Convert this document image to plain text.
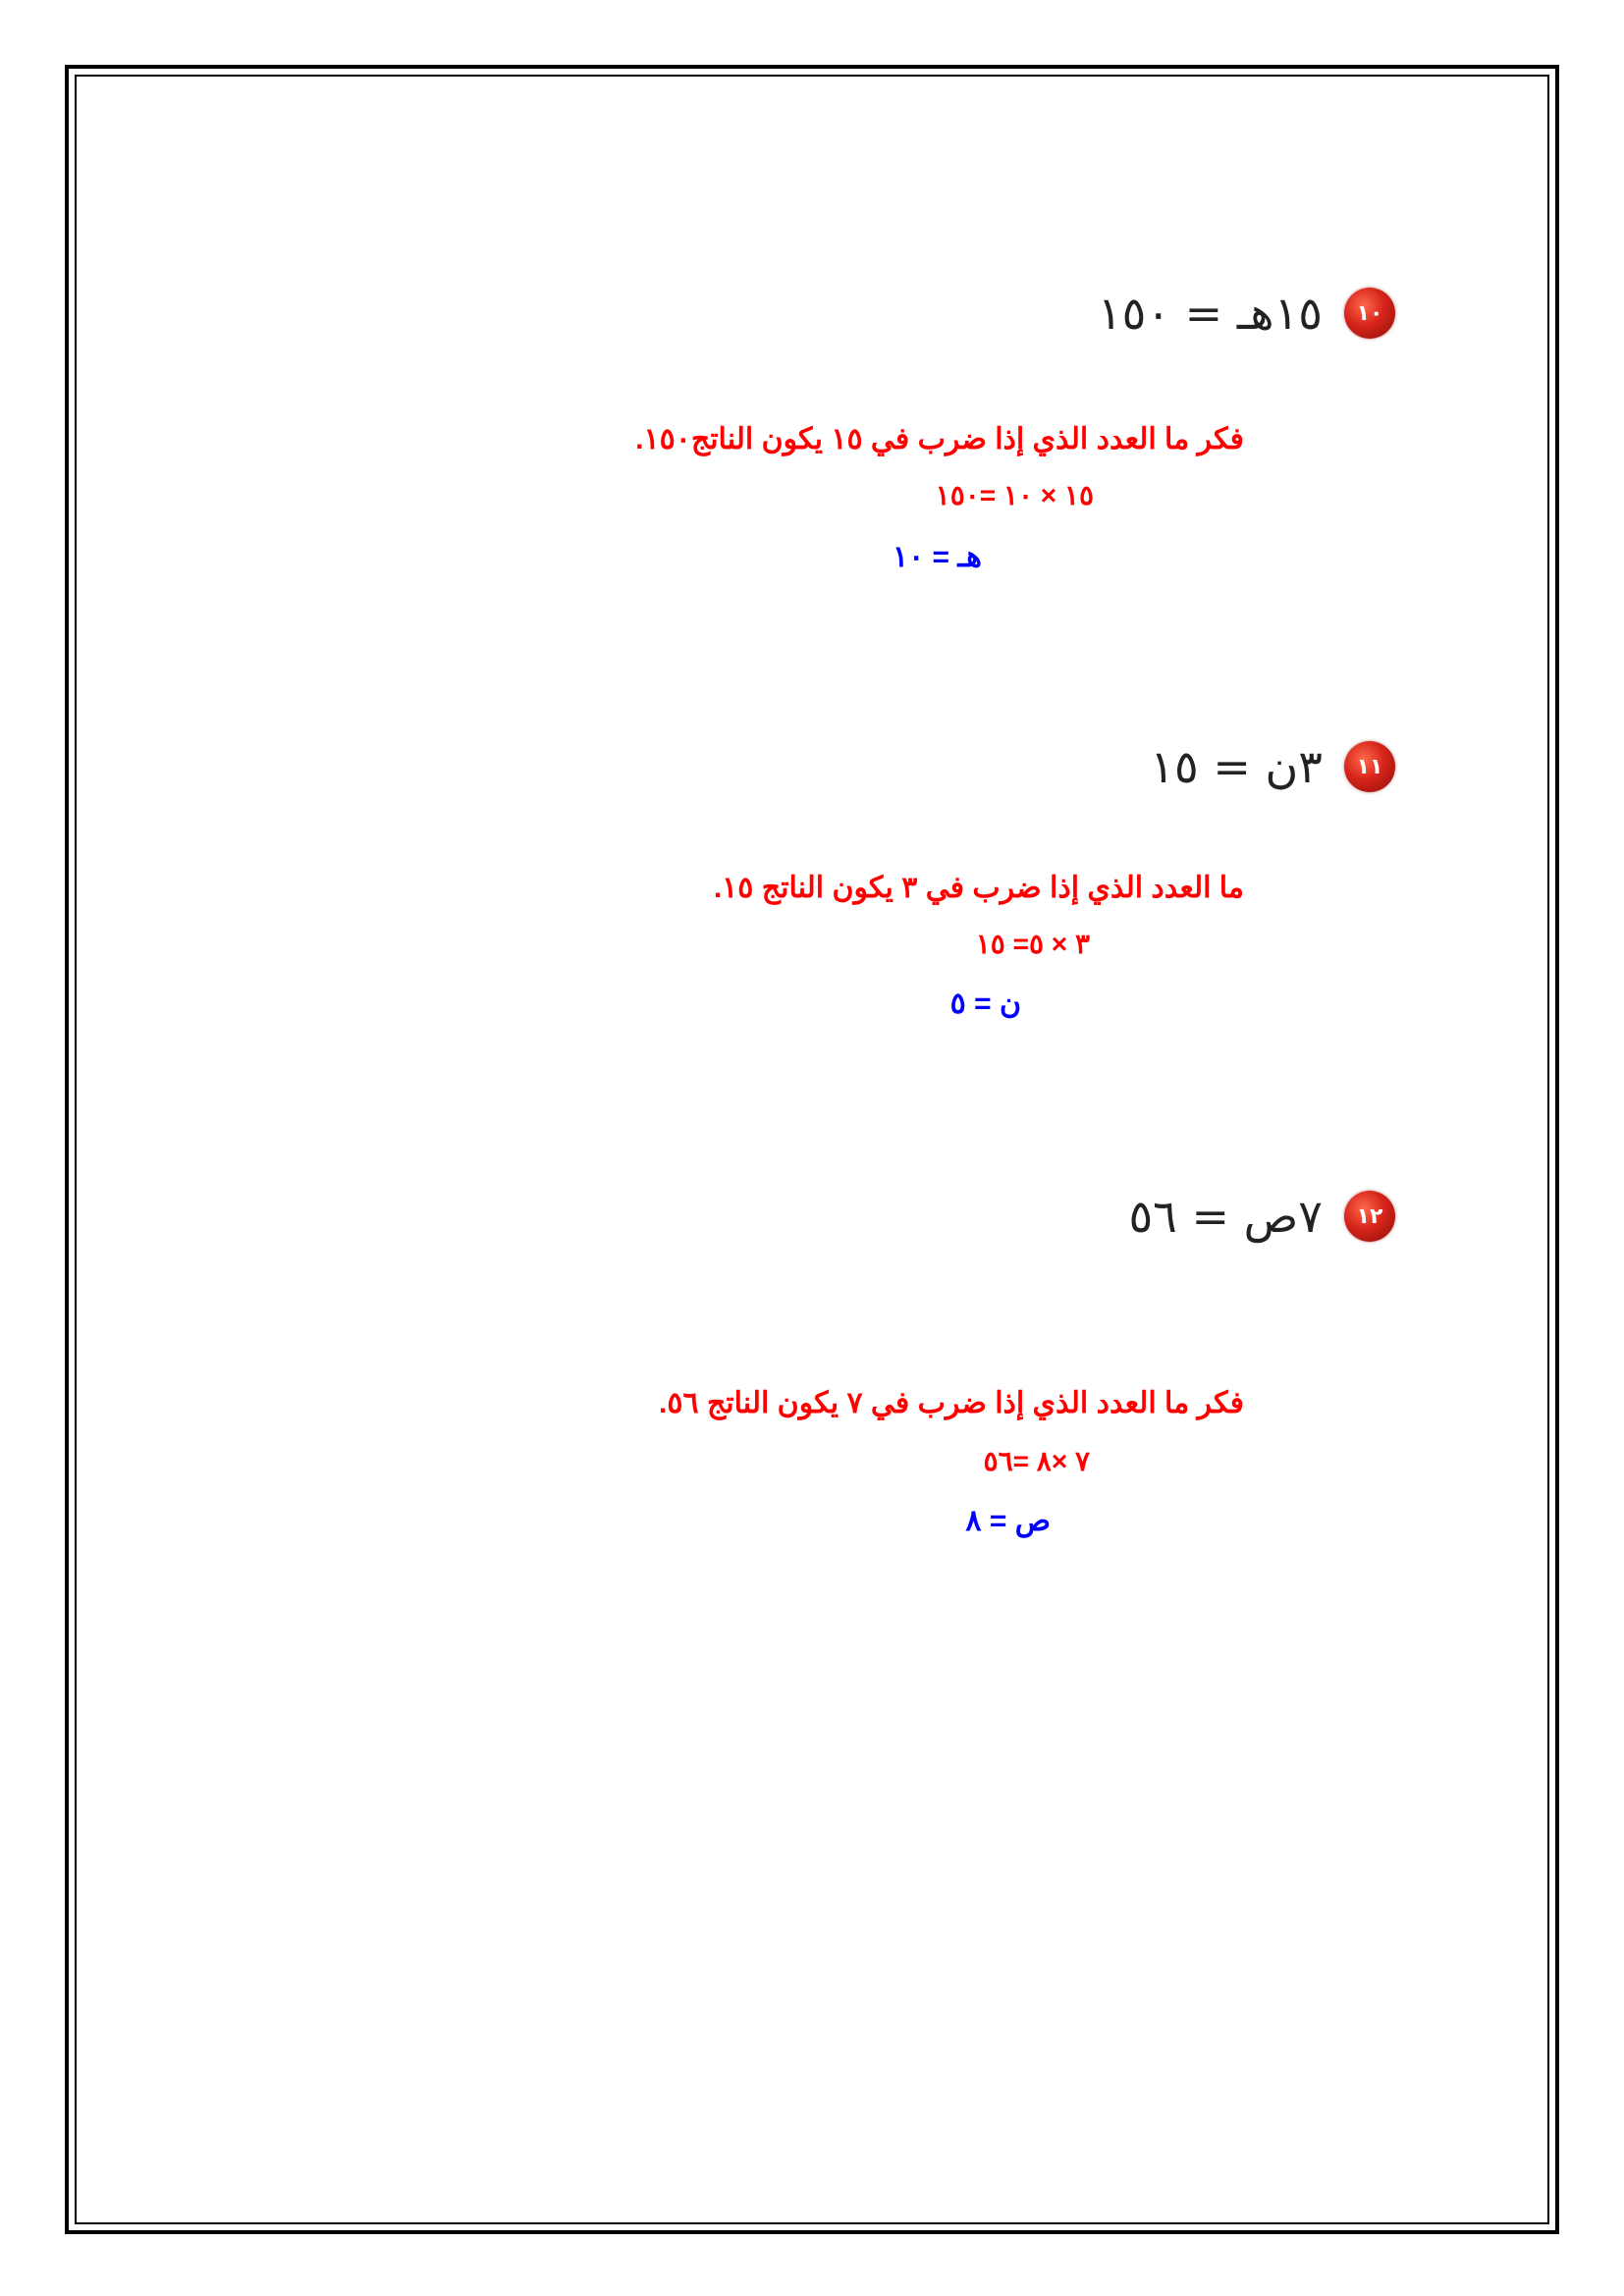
١٠
١٥هـ = ١٥٠
فكر ما العدد الذي إذا ضرب في ١٥ يكون الناتج١٥٠.
١٥ × ١٠ =١٥٠
هـ = ١٠
١١
٣ن = ١٥
ما العدد الذي إذا ضرب في ٣ يكون الناتج ١٥.
٣ × ٥= ١٥
ن = ٥
١٢
٧ص = ٥٦
فكر ما العدد الذي إذا ضرب في ٧ يكون الناتج ٥٦.
٧ ×٨ =٥٦
ص = ٨
